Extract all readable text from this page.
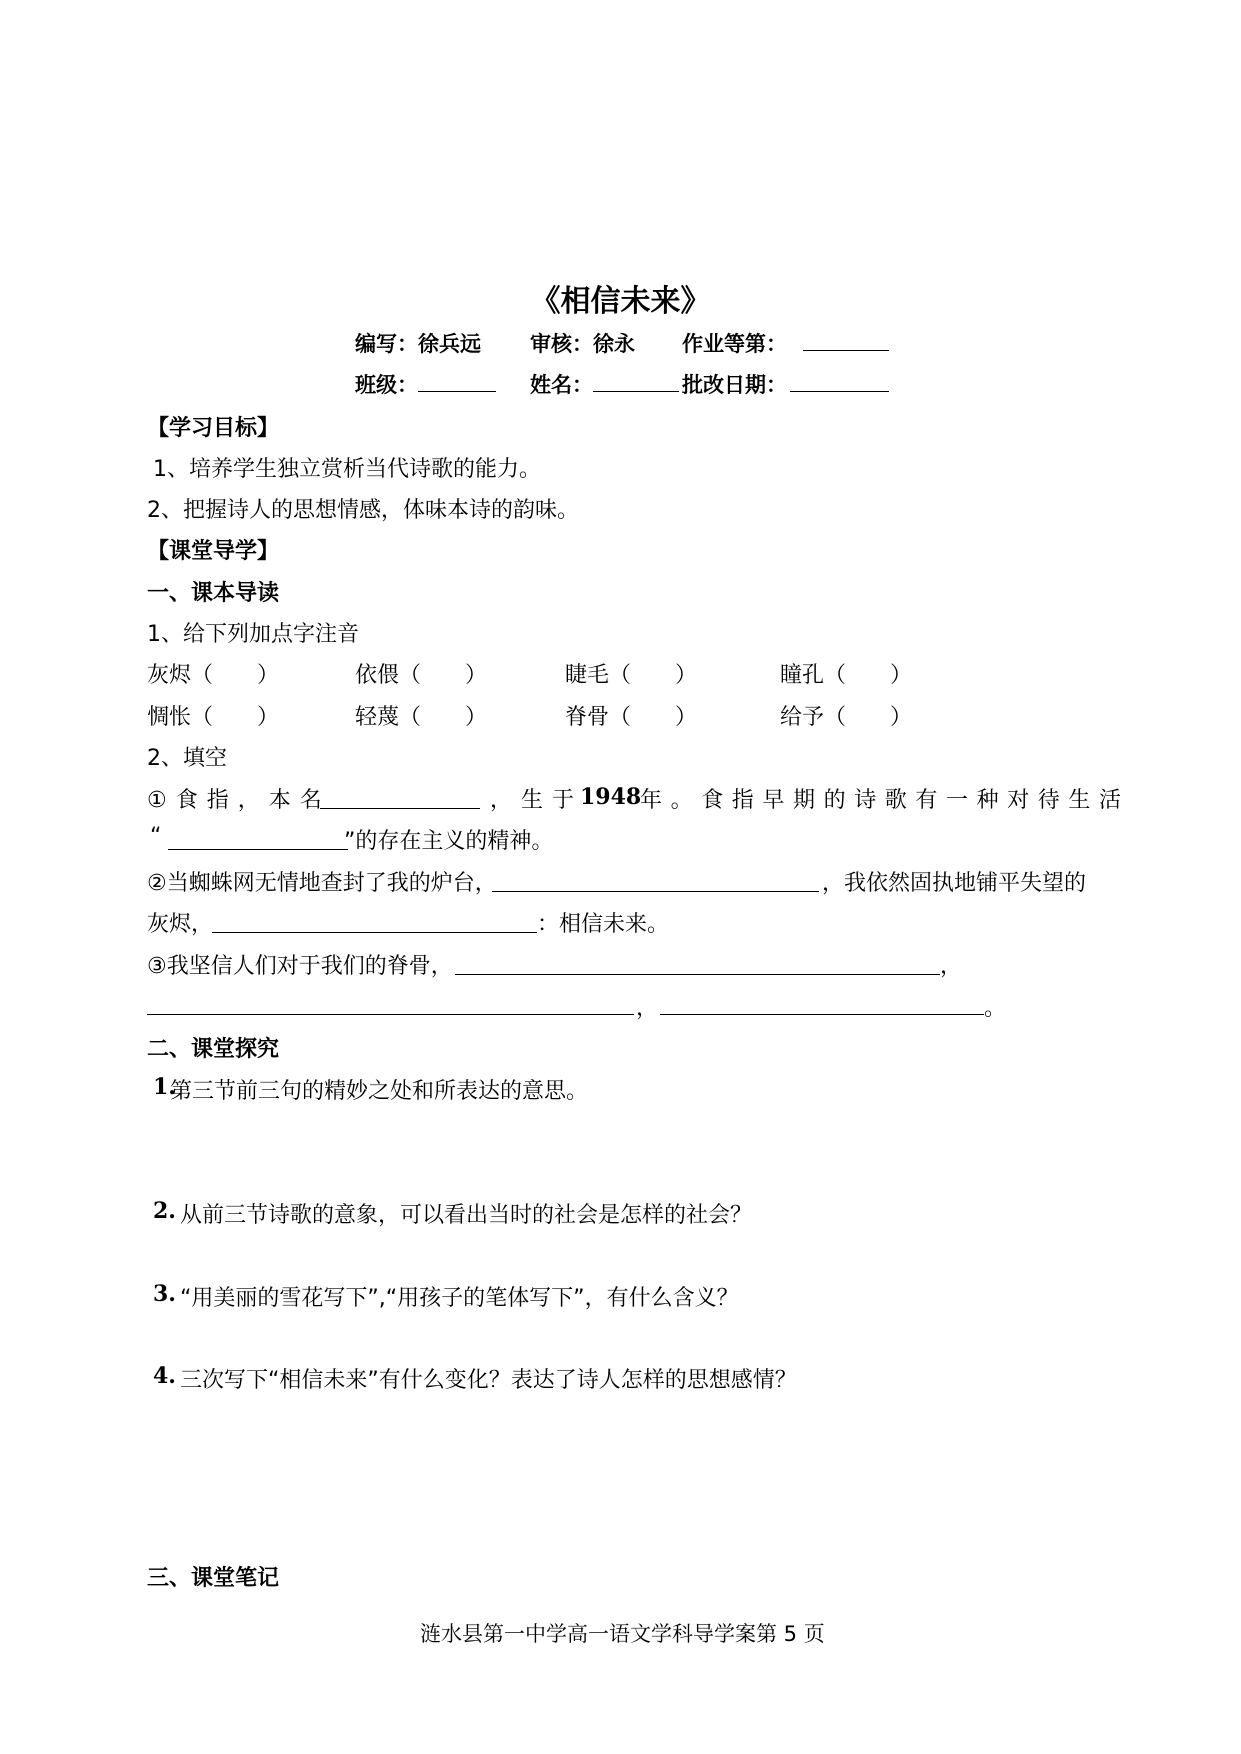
《相信未来》
编写： 徐兵远 审核： 徐永 作业等第：
班级：	姓名：	批改日期：
【学习目标】
1、培养学生独立赏析当代诗歌的能力。
2、把握诗人的思想情感，体味本诗的韵味。
【课堂导学】
一、课本导读
1、给下列加点字注音
灰烬（　　）	依偎（　　）	睫毛（　　）	瞳孔（　　）
惆怅（　　）	轻蔑（　　）	脊骨（　　）	给予（　　）
2、填空
①食指，本名	，生于
1948
年。食指早期的诗歌有一种对待生活
“	”的存在主义的精神。
②当蜘蛛网无情地查封了我的炉台，	，我依然固执地铺平失望的
灰烬，	：相信未来。
③我坚信人们对于我们的脊骨，	，
，	。
二、课堂探究
1.
第三节前三句的精妙之处和所表达的意思。
2. 从前三节诗歌的意象，可以看出当时的社会是怎样的社会？
3. “用美丽的雪花写下”,“用孩子的笔体写下”，有什么含义？
4. 三次写下“相信未来”有什么变化？表达了诗人怎样的思想感情？
三、课堂笔记
涟水县第一中学高一语文学科导学案 第 5 页
